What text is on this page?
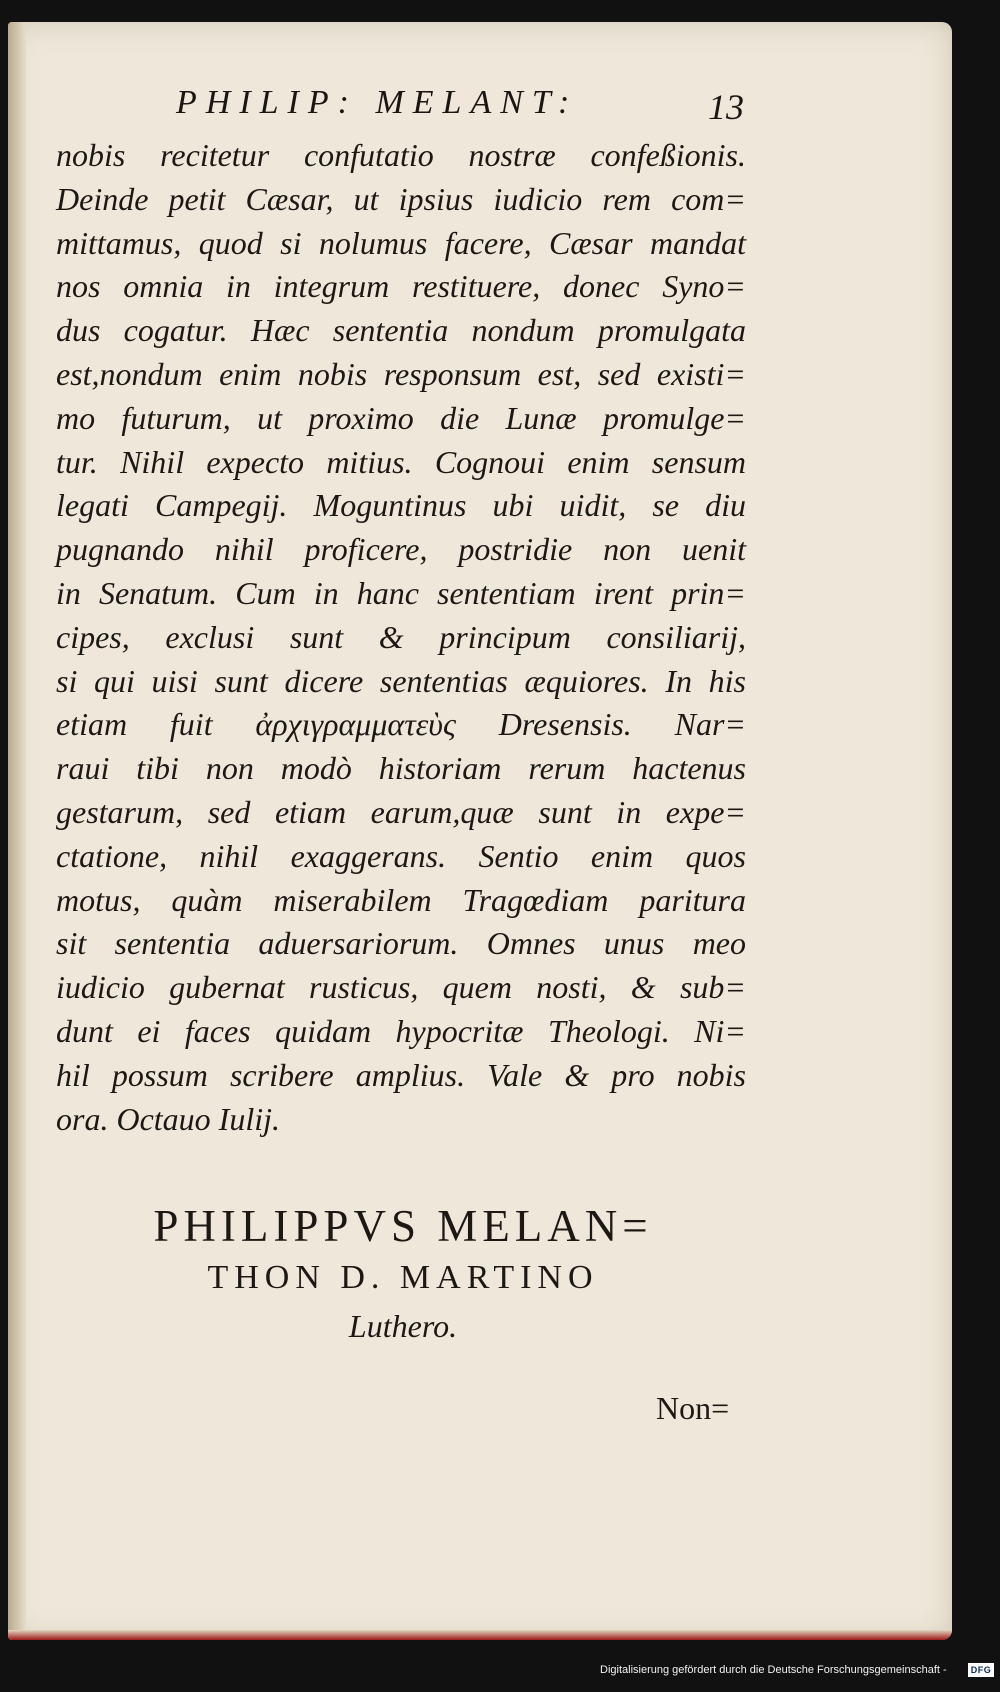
PHILIP: MELANT:	13
nobis recitetur confutatio nostræ confeßionis.
Deinde petit Cæsar, ut ipsius iudicio rem com=
mittamus, quod si nolumus facere, Cæsar mandat
nos omnia in integrum restituere, donec Syno=
dus cogatur. Hæc sententia nondum promulgata
est,nondum enim nobis responsum est, sed existi=
mo futurum, ut proximo die Lunæ promulge=
tur. Nihil expecto mitius. Cognoui enim sensum
legati Campegij. Moguntinus ubi uidit, se diu
pugnando nihil proficere, postridie non uenit
in Senatum. Cum in hanc sententiam irent prin=
cipes, exclusi sunt & principum consiliarij,
si qui uisi sunt dicere sententias æquiores. In his
etiam fuit ἀρχιγραμματεὺς Dresensis. Nar=
raui tibi non modò historiam rerum hactenus
gestarum, sed etiam earum,quæ sunt in expe=
ctatione, nihil exaggerans. Sentio enim quos
motus, quàm miserabilem Tragœdiam paritura
sit sententia aduersariorum. Omnes unus meo
iudicio gubernat rusticus, quem nosti, & sub=
dunt ei faces quidam hypocritæ Theologi. Ni=
hil possum scribere amplius. Vale & pro nobis
ora. Octauo Iulij.
PHILIPPVS MELAN=
THON D. MARTINO
Luthero.
Non=
Digitalisierung gefördert durch die Deutsche Forschungsgemeinschaft -	DFG
